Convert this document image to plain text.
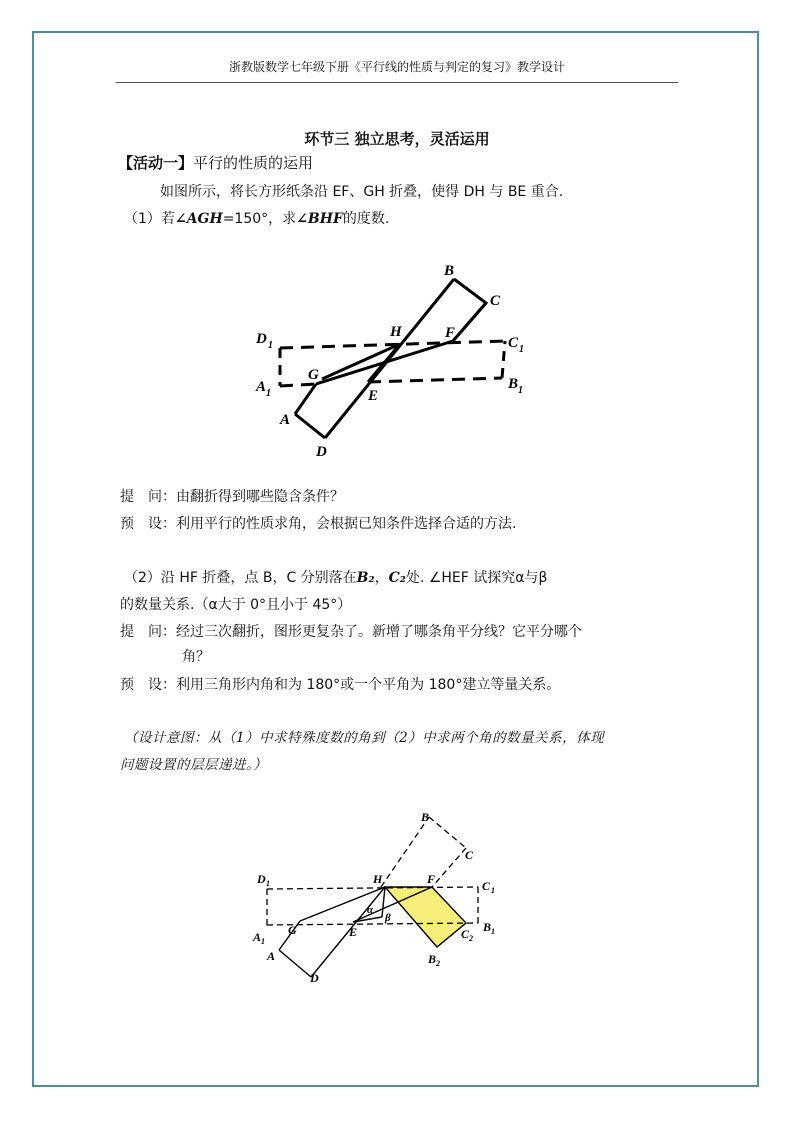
浙教版数学七年级下册《平行线的性质与判定的复习》教学设计
环节三 独立思考，灵活运用
【活动一】平行的性质的运用
如图所示，将长方形纸条沿 EF、GH 折叠，使得 DH 与 BE 重合.
（1）若∠AGH=150°，求∠BHF的度数.
B
C
H	F
D 1	C 1
G
A 1
B 1
E
A
D
提　问：由翻折得到哪些隐含条件？
预　设：利用平行的性质求角，会根据已知条件选择合适的方法.
（2）沿 HF 折叠，点 B，C 分别落在B₂，C₂处. ∠HEF 试探究α与β
的数量关系.（α大于 0°且小于 45°）
提　问：经过三次翻折，图形更复杂了。新增了哪条角平分线？它平分哪个
角？
预　设：利用三角形内角和为 180°或一个平角为 180°建立等量关系。
（设计意图：从（1）中求特殊度数的角到（2）中求两个角的数量关系，体现
问题设置的层层递进。）
B
C
D 1	H	F	C 1
α
β
B 1
A 1
G	E	C 2
A
D
B 2
